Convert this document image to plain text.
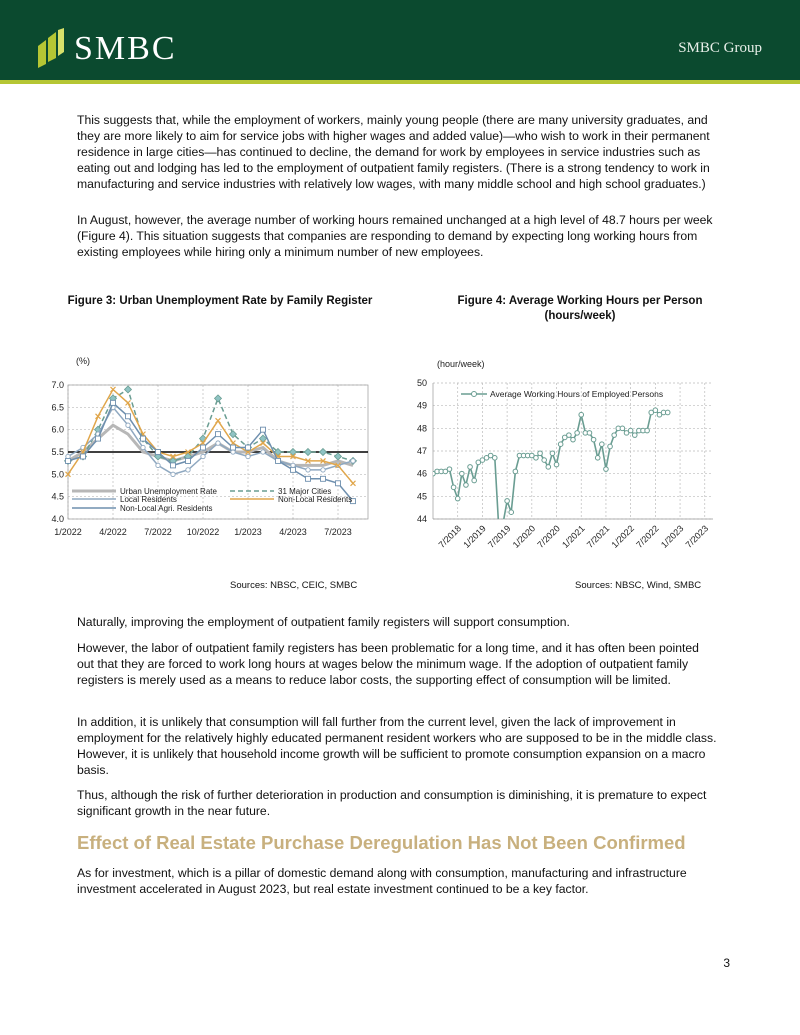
SMBC	SMBC Group

This suggests that, while the employment of workers, mainly young people (there are many university graduates, and they are more likely to aim for service jobs with higher wages and added value)—who wish to work in their permanent residence in large cities—has continued to decline, the demand for work by employees in service industries such as eating out and lodging has led to the employment of outpatient family registers. (There is a strong tendency to work in manufacturing and service industries with relatively low wages, with many middle school and high school graduates.)

In August, however, the average number of working hours remained unchanged at a high level of 48.7 hours per week (Figure 4). This situation suggests that companies are responding to demand by expecting long working hours from existing employees while hiring only a minimum number of new employees.

Figure 3: Urban Unemployment Rate by Family Register	Figure 4: Average Working Hours per Person
(hours/week)
(%)
4.0
4.5
5.0
5.5
6.0
6.5
7.0
1/2022 4/2022 7/2022 10/2022 1/2023 4/2023 7/2023
Urban Unemployment Rate	31 Major Cities
Local Residents	Non-Local Residents
Non-Local Agri. Residents
(hour/week)
44
45
46
47
48
49
50
7/2018
1/2019
7/2019
1/2020
7/2020
1/2021
7/2021
1/2022
7/2022
1/2023
7/2023
Average Working Hours of Employed Persons
Sources: NBSC, CEIC, SMBC	Sources: NBSC, Wind, SMBC

Naturally, improving the employment of outpatient family registers will support consumption.

However, the labor of outpatient family registers has been problematic for a long time, and it has often been pointed out that they are forced to work long hours at wages below the minimum wage. If the adoption of outpatient family registers is merely used as a means to reduce labor costs, the supporting effect of consumption will be limited.

In addition, it is unlikely that consumption will fall further from the current level, given the lack of improvement in employment for the relatively highly educated permanent resident workers who are supposed to be in the middle class. However, it is unlikely that household income growth will be sufficient to promote consumption expansion on a macro basis.

Thus, although the risk of further deterioration in production and consumption is diminishing, it is premature to expect significant growth in the near future.

Effect of Real Estate Purchase Deregulation Has Not Been Confirmed

As for investment, which is a pillar of domestic demand along with consumption, manufacturing and infrastructure investment accelerated in August 2023, but real estate investment continued to be a key factor.

3
